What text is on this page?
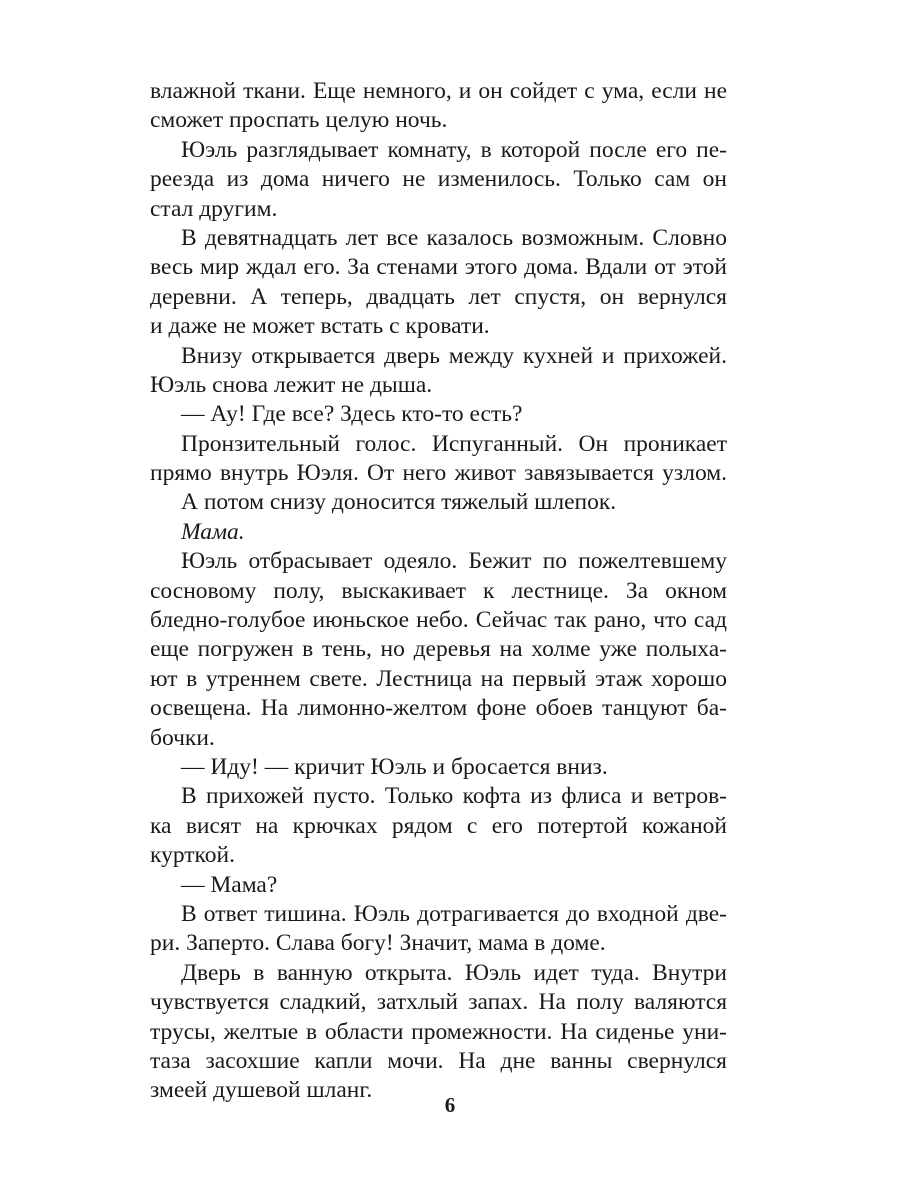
влажной ткани. Еще немного, и он сойдет с ума, если не
сможет проспать целую ночь.
Юэль разглядывает комнату, в которой после его пе-
реезда из дома ничего не изменилось. Только сам он
стал другим.
В девятнадцать лет все казалось возможным. Словно
весь мир ждал его. За стенами этого дома. Вдали от этой
деревни. А теперь, двадцать лет спустя, он вернулся
и даже не может встать с кровати.
Внизу открывается дверь между кухней и прихожей.
Юэль снова лежит не дыша.
— Ау! Где все? Здесь кто-то есть?
Пронзительный голос. Испуганный. Он проникает
прямо внутрь Юэля. От него живот завязывается узлом.
А потом снизу доносится тяжелый шлепок.
Мама.
Юэль отбрасывает одеяло. Бежит по пожелтевшему
сосновому полу, выскакивает к лестнице. За окном
бледно-голубое июньское небо. Сейчас так рано, что сад
еще погружен в тень, но деревья на холме уже полыха-
ют в утреннем свете. Лестница на первый этаж хорошо
освещена. На лимонно-желтом фоне обоев танцуют ба-
бочки.
— Иду! — кричит Юэль и бросается вниз.
В прихожей пусто. Только кофта из флиса и ветров-
ка висят на крючках рядом с его потертой кожаной
курткой.
— Мама?
В ответ тишина. Юэль дотрагивается до входной две-
ри. Заперто. Слава богу! Значит, мама в доме.
Дверь в ванную открыта. Юэль идет туда. Внутри
чувствуется сладкий, затхлый запах. На полу валяются
трусы, желтые в области промежности. На сиденье уни-
таза засохшие капли мочи. На дне ванны свернулся
змеей душевой шланг.
6
